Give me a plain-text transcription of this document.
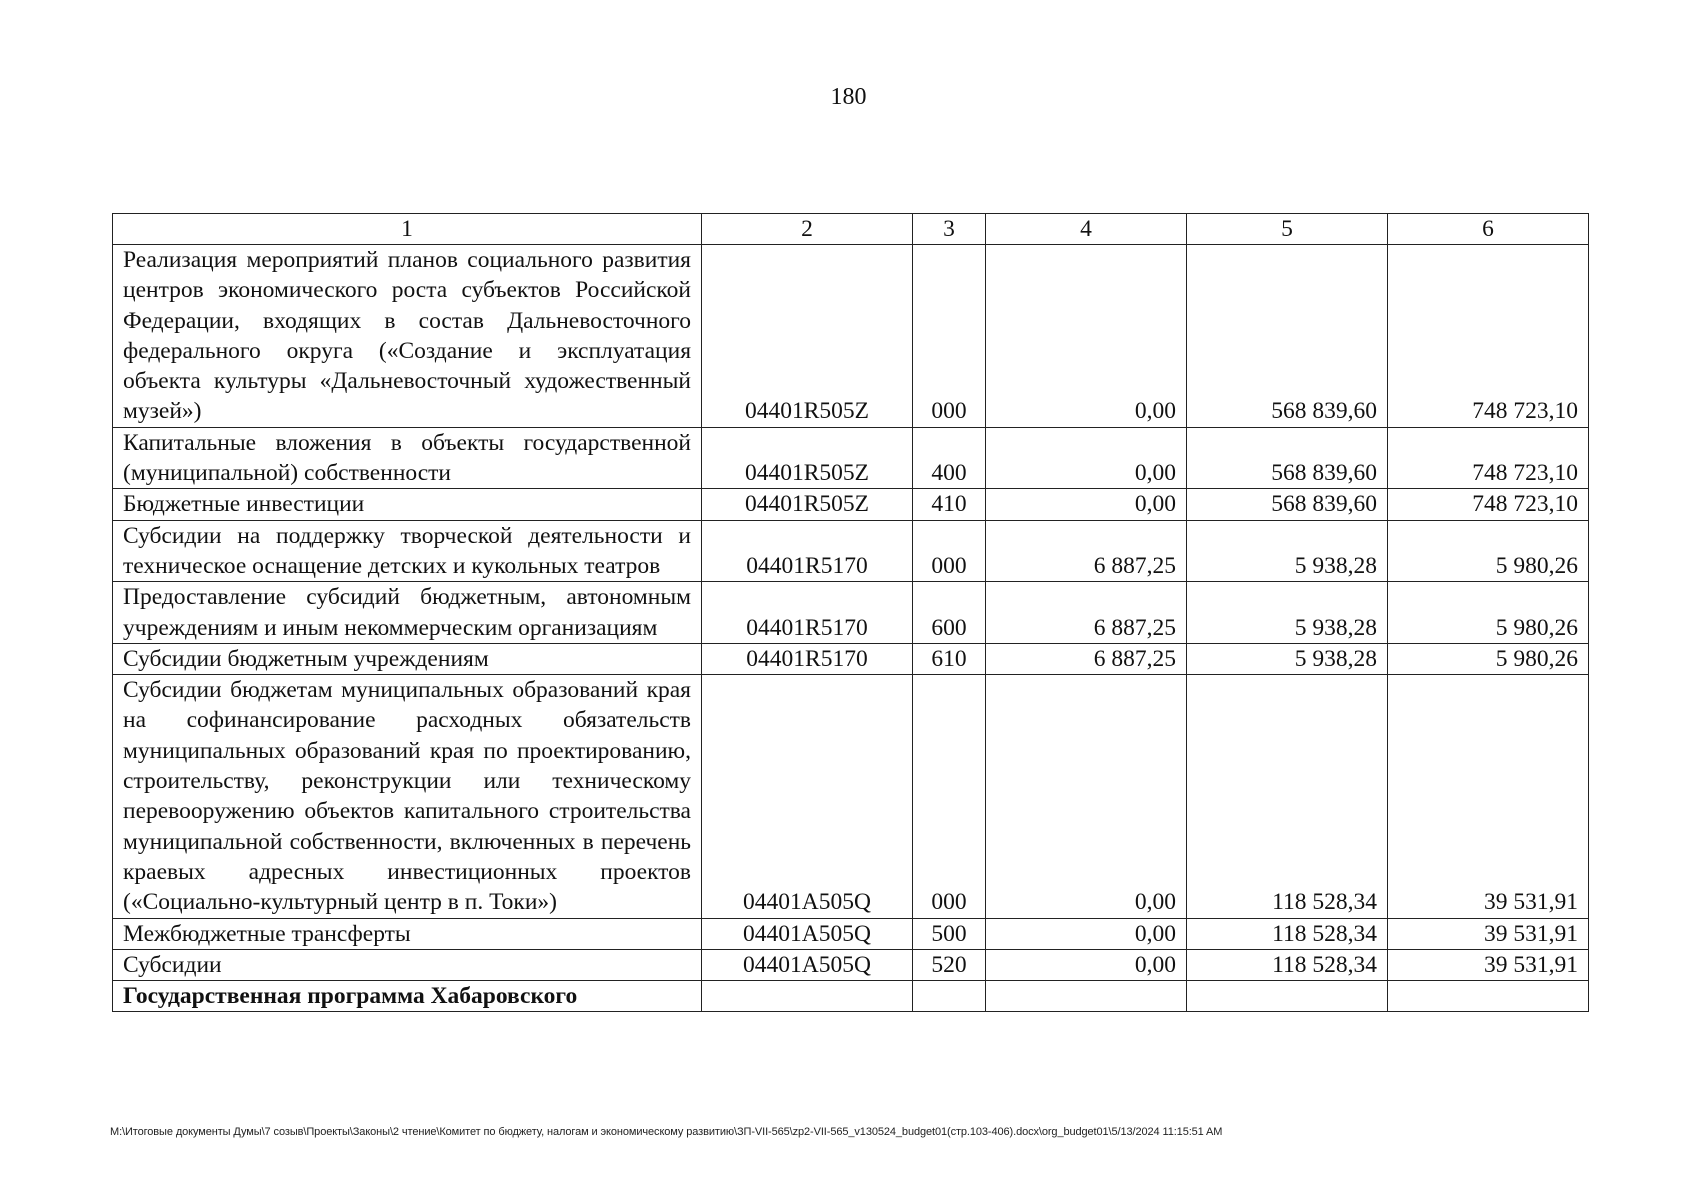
180
1	2	3	4	5	6
Реализация мероприятий планов социального развития центров экономического роста субъектов Российской Федерации, входящих в состав Дальневосточного федерального округа («Создание и эксплуатация объекта культуры «Дальневосточный художественный музей»)	04401R505Z	000	0,00	568 839,60	748 723,10
Капитальные вложения в объекты государственной (муниципальной) собственности	04401R505Z	400	0,00	568 839,60	748 723,10
Бюджетные инвестиции	04401R505Z	410	0,00	568 839,60	748 723,10
Субсидии на поддержку творческой деятельности и техническое оснащение детских и кукольных театров	04401R5170	000	6 887,25	5 938,28	5 980,26
Предоставление субсидий бюджетным, автономным учреждениям и иным некоммерческим организациям	04401R5170	600	6 887,25	5 938,28	5 980,26
Субсидии бюджетным учреждениям	04401R5170	610	6 887,25	5 938,28	5 980,26
Субсидии бюджетам муниципальных образований края на софинансирование расходных обязательств муниципальных образований края по проектированию, строительству, реконструкции или техническому перевооружению объектов капитального строительства муниципальной собственности, включенных в перечень краевых адресных инвестиционных проектов («Социально-культурный центр в п. Токи»)	04401A505Q	000	0,00	118 528,34	39 531,91
Межбюджетные трансферты	04401A505Q	500	0,00	118 528,34	39 531,91
Субсидии	04401A505Q	520	0,00	118 528,34	39 531,91
Государственная программа Хабаровского					
M:\Итоговые документы Думы\7 созыв\Проекты\Законы\2 чтение\Комитет по бюджету, налогам и экономическому развитию\ЗП-VII-565\zp2-VII-565_v130524_budget01(стр.103-406).docx\org_budget01\5/13/2024 11:15:51 AM
